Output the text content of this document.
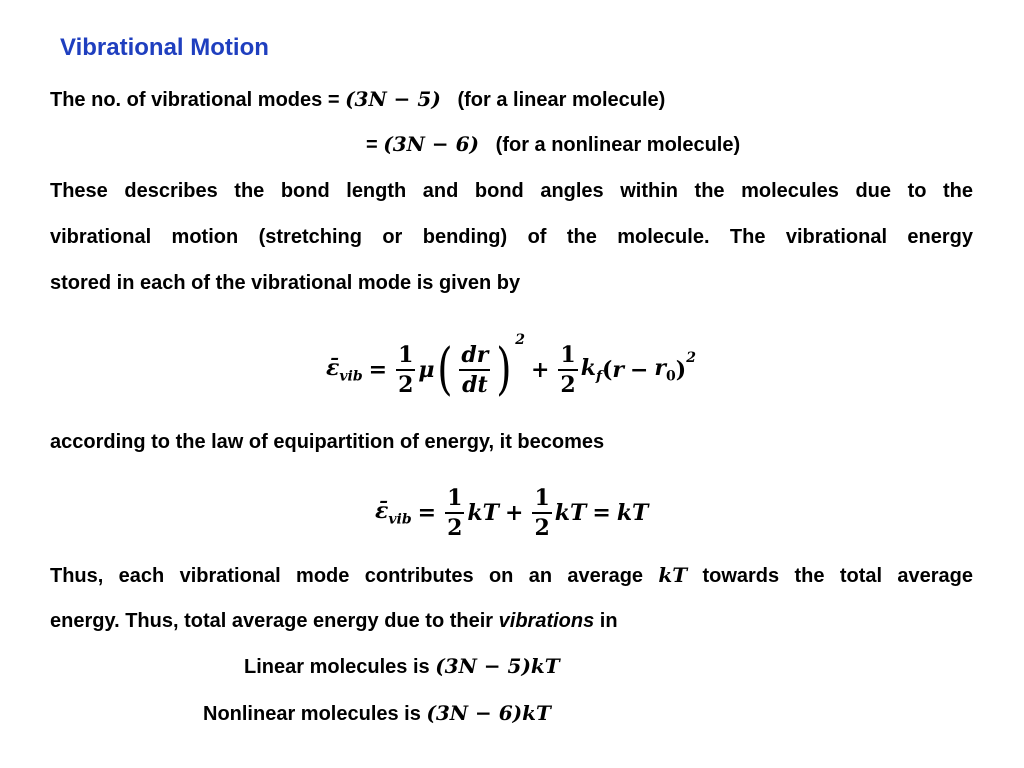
Vibrational Motion
The no. of vibrational modes = (3N − 5) (for a linear molecule)
= (3N − 6) (for a nonlinear molecule)
These describes the bond length and bond angles within the molecules due to the
vibrational motion (stretching or bending) of the molecule. The vibrational energy
stored in each of the vibrational mode is given by
$\varepsilon̄_{vib} = \frac{1}{2}$ μ ( $\frac{dr}{dt} )^2$
+ $\frac{1}{2} k_f$ ( $r - r_0$ )$^2$
according to the law of equipartition of energy, it becomes
$\varepsilon̄_{vib} = \frac{1}{2}$ kT + $\frac{1}{2}$ kT = kT
Thus, each vibrational mode contributes on an average kT towards the total average
energy. Thus, total average energy due to their vibrations in
Linear molecules is (3N − 5)kT
Nonlinear molecules is (3N − 6)kT
